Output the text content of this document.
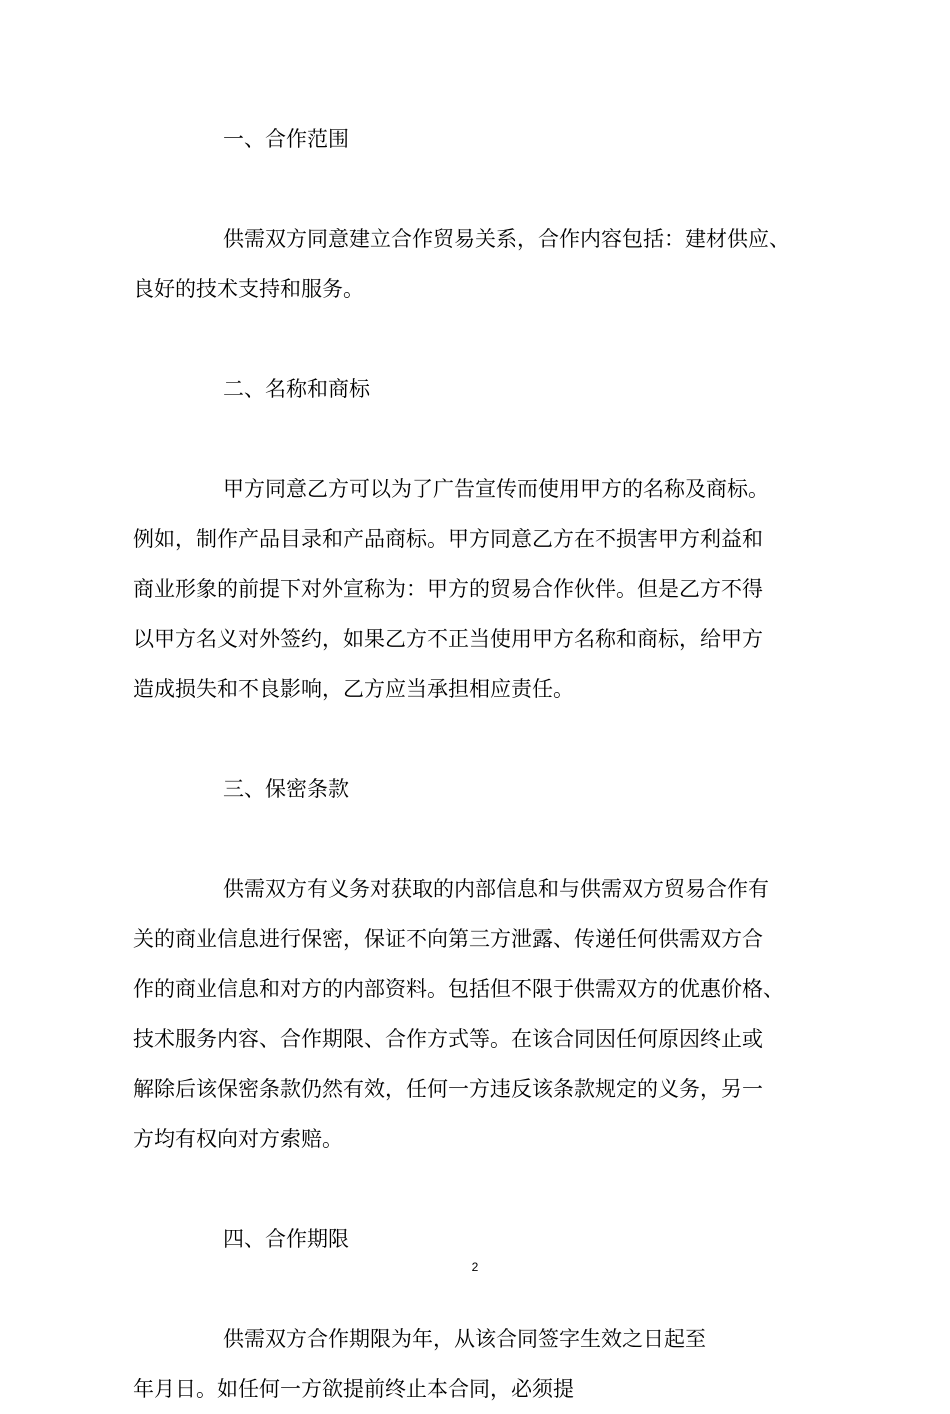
一、合作范围
供需双方同意建立合作贸易关系，合作内容包括：建材供应、
良好的技术支持和服务。
二、名称和商标
甲方同意乙方可以为了广告宣传而使用甲方的名称及商标。
例如，制作产品目录和产品商标。甲方同意乙方在不损害甲方利益和
商业形象的前提下对外宣称为：甲方的贸易合作伙伴。但是乙方不得
以甲方名义对外签约，如果乙方不正当使用甲方名称和商标，给甲方
造成损失和不良影响，乙方应当承担相应责任。
三、保密条款
供需双方有义务对获取的内部信息和与供需双方贸易合作有
关的商业信息进行保密，保证不向第三方泄露、传递任何供需双方合
作的商业信息和对方的内部资料。包括但不限于供需双方的优惠价格、
技术服务内容、合作期限、合作方式等。在该合同因任何原因终止或
解除后该保密条款仍然有效，任何一方违反该条款规定的义务，另一
方均有权向对方索赔。
四、合作期限
供需双方合作期限为年，从该合同签字生效之日起至
年月日。如任何一方欲提前终止本合同，必须提
2
